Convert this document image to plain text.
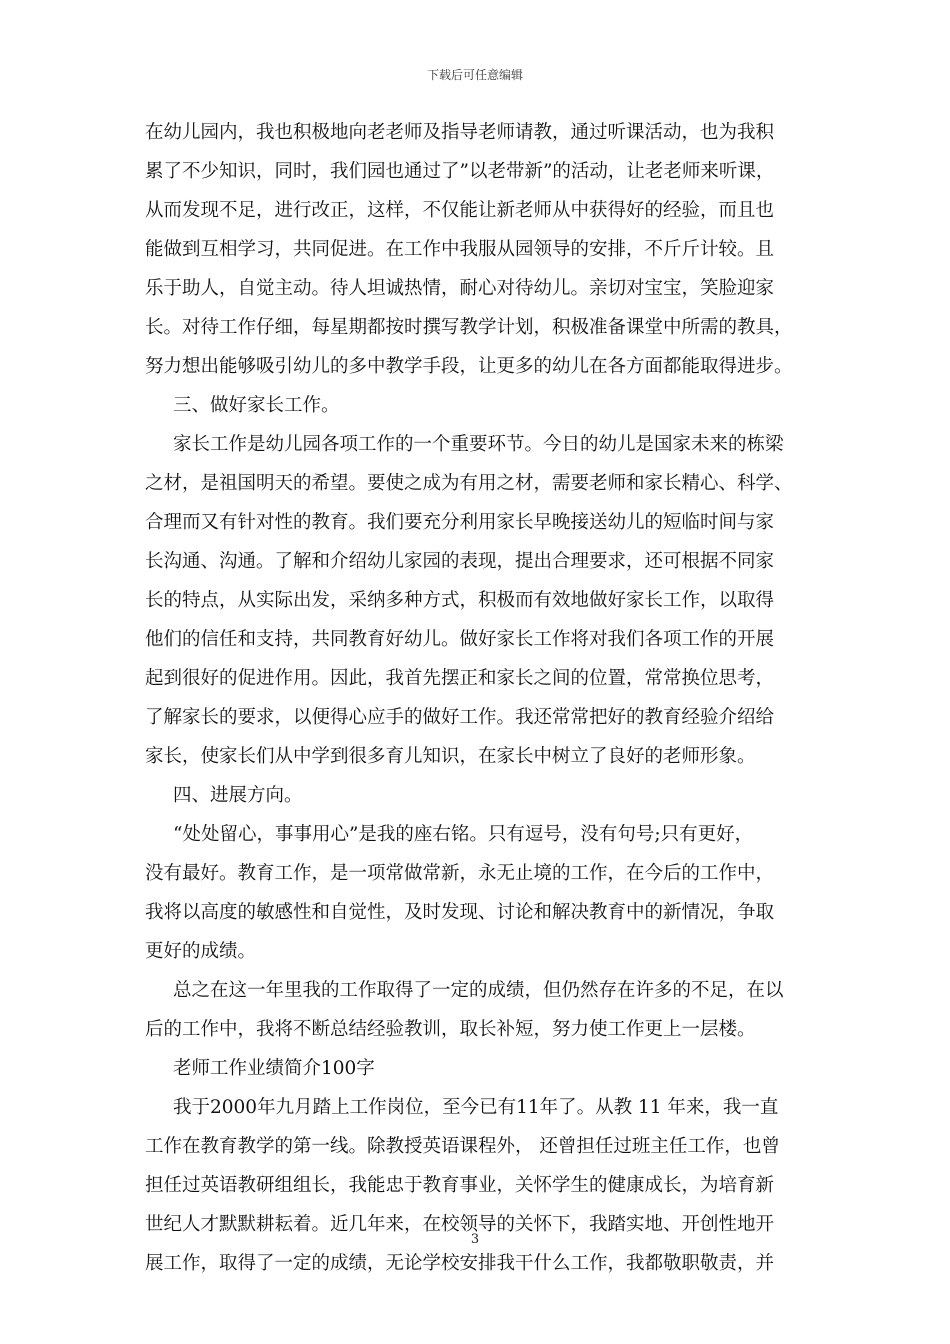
下载后可任意编辑
在幼儿园内，我也积极地向老老师及指导老师请教，通过听课活动，也为我积
累了不少知识，同时，我们园也通过了”以老带新”的活动，让老老师来听课，
从而发现不足，进行改正，这样，不仅能让新老师从中获得好的经验，而且也
能做到互相学习，共同促进。在工作中我服从园领导的安排，不斤斤计较。且
乐于助人，自觉主动。待人坦诚热情，耐心对待幼儿。亲切对宝宝，笑脸迎家
长。对待工作仔细，每星期都按时撰写教学计划，积极准备课堂中所需的教具，
努力想出能够吸引幼儿的多中教学手段，让更多的幼儿在各方面都能取得进步。
三、做好家长工作。
家长工作是幼儿园各项工作的一个重要环节。今日的幼儿是国家未来的栋梁
之材，是祖国明天的希望。要使之成为有用之材，需要老师和家长精心、科学、
合理而又有针对性的教育。我们要充分利用家长早晚接送幼儿的短临时间与家
长沟通、沟通。了解和介绍幼儿家园的表现，提出合理要求，还可根据不同家
长的特点，从实际出发，采纳多种方式，积极而有效地做好家长工作，以取得
他们的信任和支持，共同教育好幼儿。做好家长工作将对我们各项工作的开展
起到很好的促进作用。因此，我首先摆正和家长之间的位置，常常换位思考，
了解家长的要求，以便得心应手的做好工作。我还常常把好的教育经验介绍给
家长，使家长们从中学到很多育儿知识，在家长中树立了良好的老师形象。
四、进展方向。
“处处留心，事事用心”是我的座右铭。只有逗号，没有句号;只有更好，
没有最好。教育工作，是一项常做常新，永无止境的工作，在今后的工作中，
我将以高度的敏感性和自觉性，及时发现、讨论和解决教育中的新情况，争取
更好的成绩。
总之在这一年里我的工作取得了一定的成绩，但仍然存在许多的不足，在以
后的工作中，我将不断总结经验教训，取长补短，努力使工作更上一层楼。
老师工作业绩简介100字
我于2000年九月踏上工作岗位，至今已有11年了。从教 11 年来，我一直
工作在教育教学的第一线。除教授英语课程外， 还曾担任过班主任工作，也曾
担任过英语教研组组长，我能忠于教育事业，关怀学生的健康成长，为培育新
世纪人才默默耕耘着。近几年来，在校领导的关怀下，我踏实地、开创性地开
展工作，取得了一定的成绩，无论学校安排我干什么工作，我都敬职敬责，并
3
